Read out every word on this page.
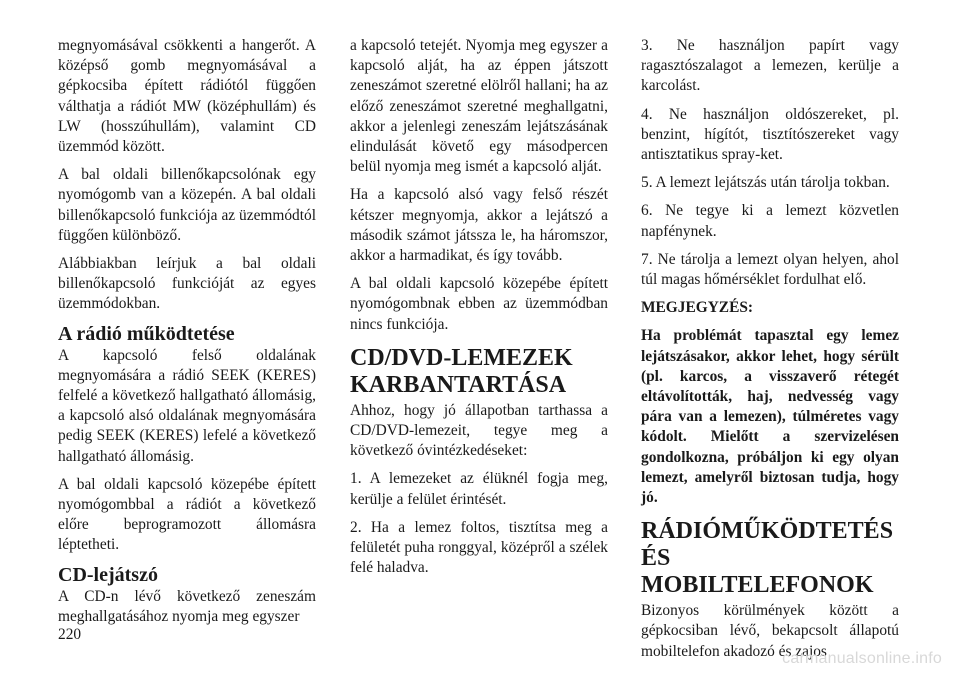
megnyomásával csökkenti a hangerőt. A középső gomb megnyomásával a gépkocsiba épített rádiótól függően válthatja a rádiót MW (középhullám) és LW (hosszúhullám), valamint CD üzemmód között.

A bal oldali billenőkapcsolónak egy nyomógomb van a közepén. A bal oldali billenőkapcsoló funkciója az üzemmódtól függően különböző.

Alábbiakban leírjuk a bal oldali billenőkapcsoló funkcióját az egyes üzemmódokban.

A rádió működtetése

A kapcsoló felső oldalának megnyomására a rádió SEEK (KERES) felfelé a következő hallgatható állomásig, a kapcsoló alsó oldalának megnyomására pedig SEEK (KERES) lefelé a következő hallgatható állomásig.

A bal oldali kapcsoló közepébe épített nyomógombbal a rádiót a következő előre beprogramozott állomásra léptetheti.

CD-lejátszó

A CD-n lévő következő zeneszám meghallgatásához nyomja meg egyszer

a kapcsoló tetejét. Nyomja meg egyszer a kapcsoló alját, ha az éppen játszott zeneszámot szeretné elölről hallani; ha az előző zeneszámot szeretné meghallgatni, akkor a jelenlegi zeneszám lejátszásának elindulását követő egy másodpercen belül nyomja meg ismét a kapcsoló alját.

Ha a kapcsoló alsó vagy felső részét kétszer megnyomja, akkor a lejátszó a második számot játssza le, ha háromszor, akkor a harmadikat, és így tovább.

A bal oldali kapcsoló közepébe épített nyomógombnak ebben az üzemmódban nincs funkciója.

CD/DVD-LEMEZEK KARBANTARTÁSA

Ahhoz, hogy jó állapotban tarthassa a CD/DVD-lemezeit, tegye meg a következő óvintézkedéseket:

1. A lemezeket az élüknél fogja meg, kerülje a felület érintését.

2. Ha a lemez foltos, tisztítsa meg a felületét puha ronggyal, középről a szélek felé haladva.

3. Ne használjon papírt vagy ragasztószalagot a lemezen, kerülje a karcolást.

4. Ne használjon oldószereket, pl. benzint, hígítót, tisztítószereket vagy antisztatikus spray-ket.

5. A lemezt lejátszás után tárolja tokban.

6. Ne tegye ki a lemezt közvetlen napfénynek.

7. Ne tárolja a lemezt olyan helyen, ahol túl magas hőmérséklet fordulhat elő.

MEGJEGYZÉS:

Ha problémát tapasztal egy lemez lejátszásakor, akkor lehet, hogy sérült (pl. karcos, a visszaverő rétegét eltávolították, haj, nedvesség vagy pára van a lemezen), túlméretes vagy kódolt. Mielőtt a szervizelésen gondolkozna, próbáljon ki egy olyan lemezt, amelyről biztosan tudja, hogy jó.

RÁDIÓMŰKÖDTETÉS ÉS MOBILTELEFONOK

Bizonyos körülmények között a gépkocsiban lévő, bekapcsolt állapotú mobiltelefon akadozó és zajos

220
carmanualsonline.info
